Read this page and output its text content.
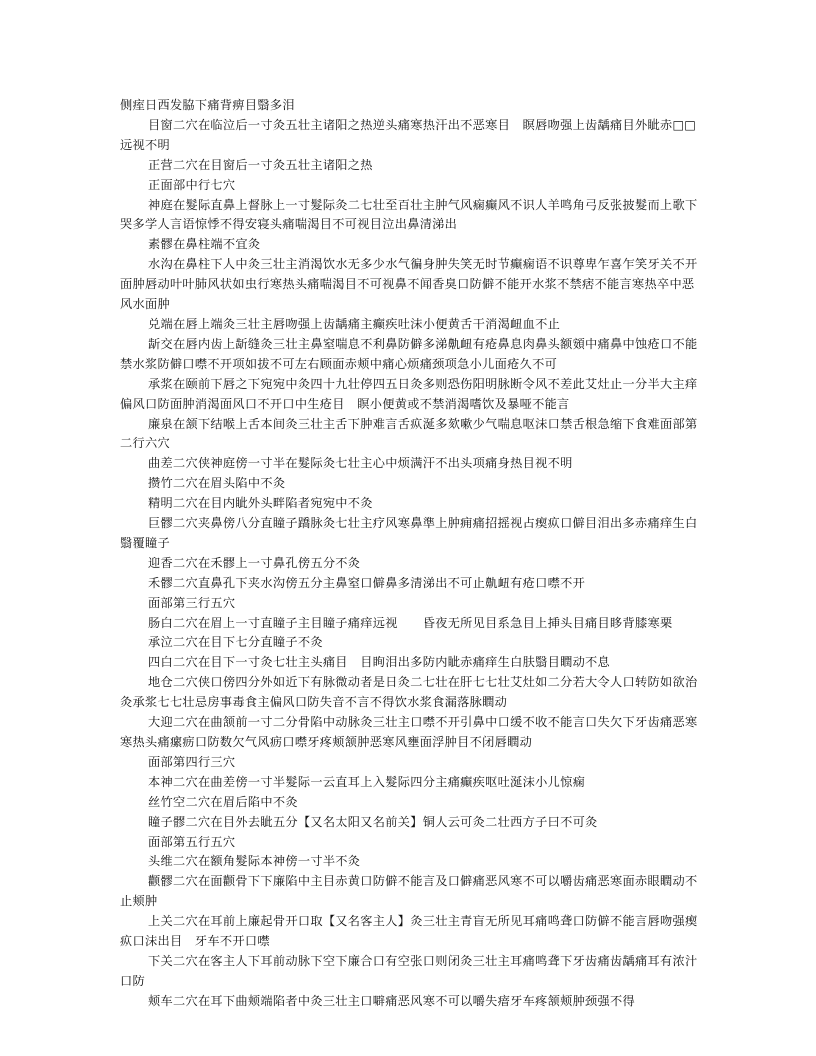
侧痓日西发脇下痛背痹目翳多泪
目窗二穴在临泣后一寸灸五壮主诸阳之热逆头痛寒热汗出不恶寒目　瞑唇吻强上齿龋痛目外眦赤□□远视不明
正营二穴在目窗后一寸灸五壮主诸阳之热
正面部中行七穴
神庭在髮际直鼻上督脉上一寸髮际灸二七壮至百壮主肿气风痫癫风不识人羊鸣角弓反张披髮而上歌下哭多学人言语惊悸不得安寝头痛喘渴目不可视目泣出鼻清涕出
素髎在鼻柱端不宜灸
水沟在鼻柱下人中灸三壮主消渴饮水无多少水气徧身肿失笑无时节癫痫语不识尊卑乍喜乍笑牙关不开面肿唇动叶叶肺风状如虫行寒热头痛喘渴目不可视鼻不闻香臭口防僻不能开水浆不禁痞不能言寒热卒中恶风水面肿
兑端在唇上端灸三壮主唇吻强上齿龋痛主癫疾吐沫小便黄舌干消渴衄血不止
龂交在唇内齿上龂缝灸三壮主鼻窒喘息不利鼻防僻多涕鼽衄有疮鼻息肉鼻头额頞中痛鼻中蚀疮口不能禁水浆防僻口噤不开项如拔不可左右顾面赤颊中痛心烦痛颈项急小儿面疮久不可
承浆在颐前下唇之下宛宛中灸四十九壮停四五日灸多则恐伤阳明脉断令风不差此艾灶止一分半大主痒偏风口防面肿消渴面风口不开口中生疮目　瞑小便黄或不禁消渴嗜饮及暴哑不能言
廉泉在颔下结喉上舌本间灸三壮主舌下肿难言舌疭涎多欬嗽少气喘息呕沫口禁舌根急缩下食难面部第二行六穴
曲差二穴侠神庭傍一寸半在髮际灸七壮主心中烦满汗不出头项痛身热目视不明
攒竹二穴在眉头陷中不灸
精明二穴在目内眦外头畔陷者宛宛中不灸
巨髎二穴夹鼻傍八分直瞳子蹻脉灸七壮主疗风寒鼻準上肿痈痛招摇视占瘈疭口僻目泪出多赤痛痒生白翳覆瞳子
迎香二穴在禾髎上一寸鼻孔傍五分不灸
禾髎二穴直鼻孔下夹水沟傍五分主鼻窒口僻鼻多清涕出不可止鼽衄有疮口噤不开
面部第三行五穴
肠白二穴在眉上一寸直瞳子主目瞳子痛痒远视　　昏夜无所见目系急目上挿头目痛目眵背膝寒栗
承泣二穴在目下七分直瞳子不灸
四白二穴在目下一寸灸七壮主头痛目　目眴泪出多防内眦赤痛痒生白肤翳目瞤动不息
地仓二穴侠口傍四分外如近下有脉微动者是日灸二七壮在肝七七壮艾灶如二分若大令人口转防如欲治灸承浆七七壮忌房事毒食主偏风口防失音不言不得饮水浆食漏落脉瞤动
大迎二穴在曲颔前一寸二分骨陷中动脉灸三壮主口噤不开引鼻中口缓不收不能言口失欠下牙齿痛恶寒寒热头痛瘰疬口防数欠气风疬口噤牙疼颊颔肿恶寒风壅面浮肿目不闭唇瞤动
面部第四行三穴
本神二穴在曲差傍一寸半髮际一云直耳上入髮际四分主痛癫疾呕吐涎沫小儿惊痫
丝竹空二穴在眉后陷中不灸
瞳子髎二穴在目外去眦五分【又名太阳又名前关】铜人云可灸二壮西方子曰不可灸
面部第五行五穴
头维二穴在额角髮际本神傍一寸半不灸
颧髎二穴在面颧骨下下廉陷中主目赤黄口防僻不能言及口僻痛恶风寒不可以嚼齿痛恶寒面赤眼瞤动不止颊肿
上关二穴在耳前上廉起骨开口取【又名客主人】灸三壮主青盲无所见耳痛鸣聋口防僻不能言唇吻强瘈疭口沫出目　牙车不开口噤
下关二穴在客主人下耳前动脉下空下廉合口有空张口则闭灸三壮主耳痛鸣聋下牙齿痛齿龋痛耳有浓汁口防
颊车二穴在耳下曲颊端陷者中灸三壮主口噼痛恶风寒不可以嚼失瘖牙车疼颔颊肿颈强不得
